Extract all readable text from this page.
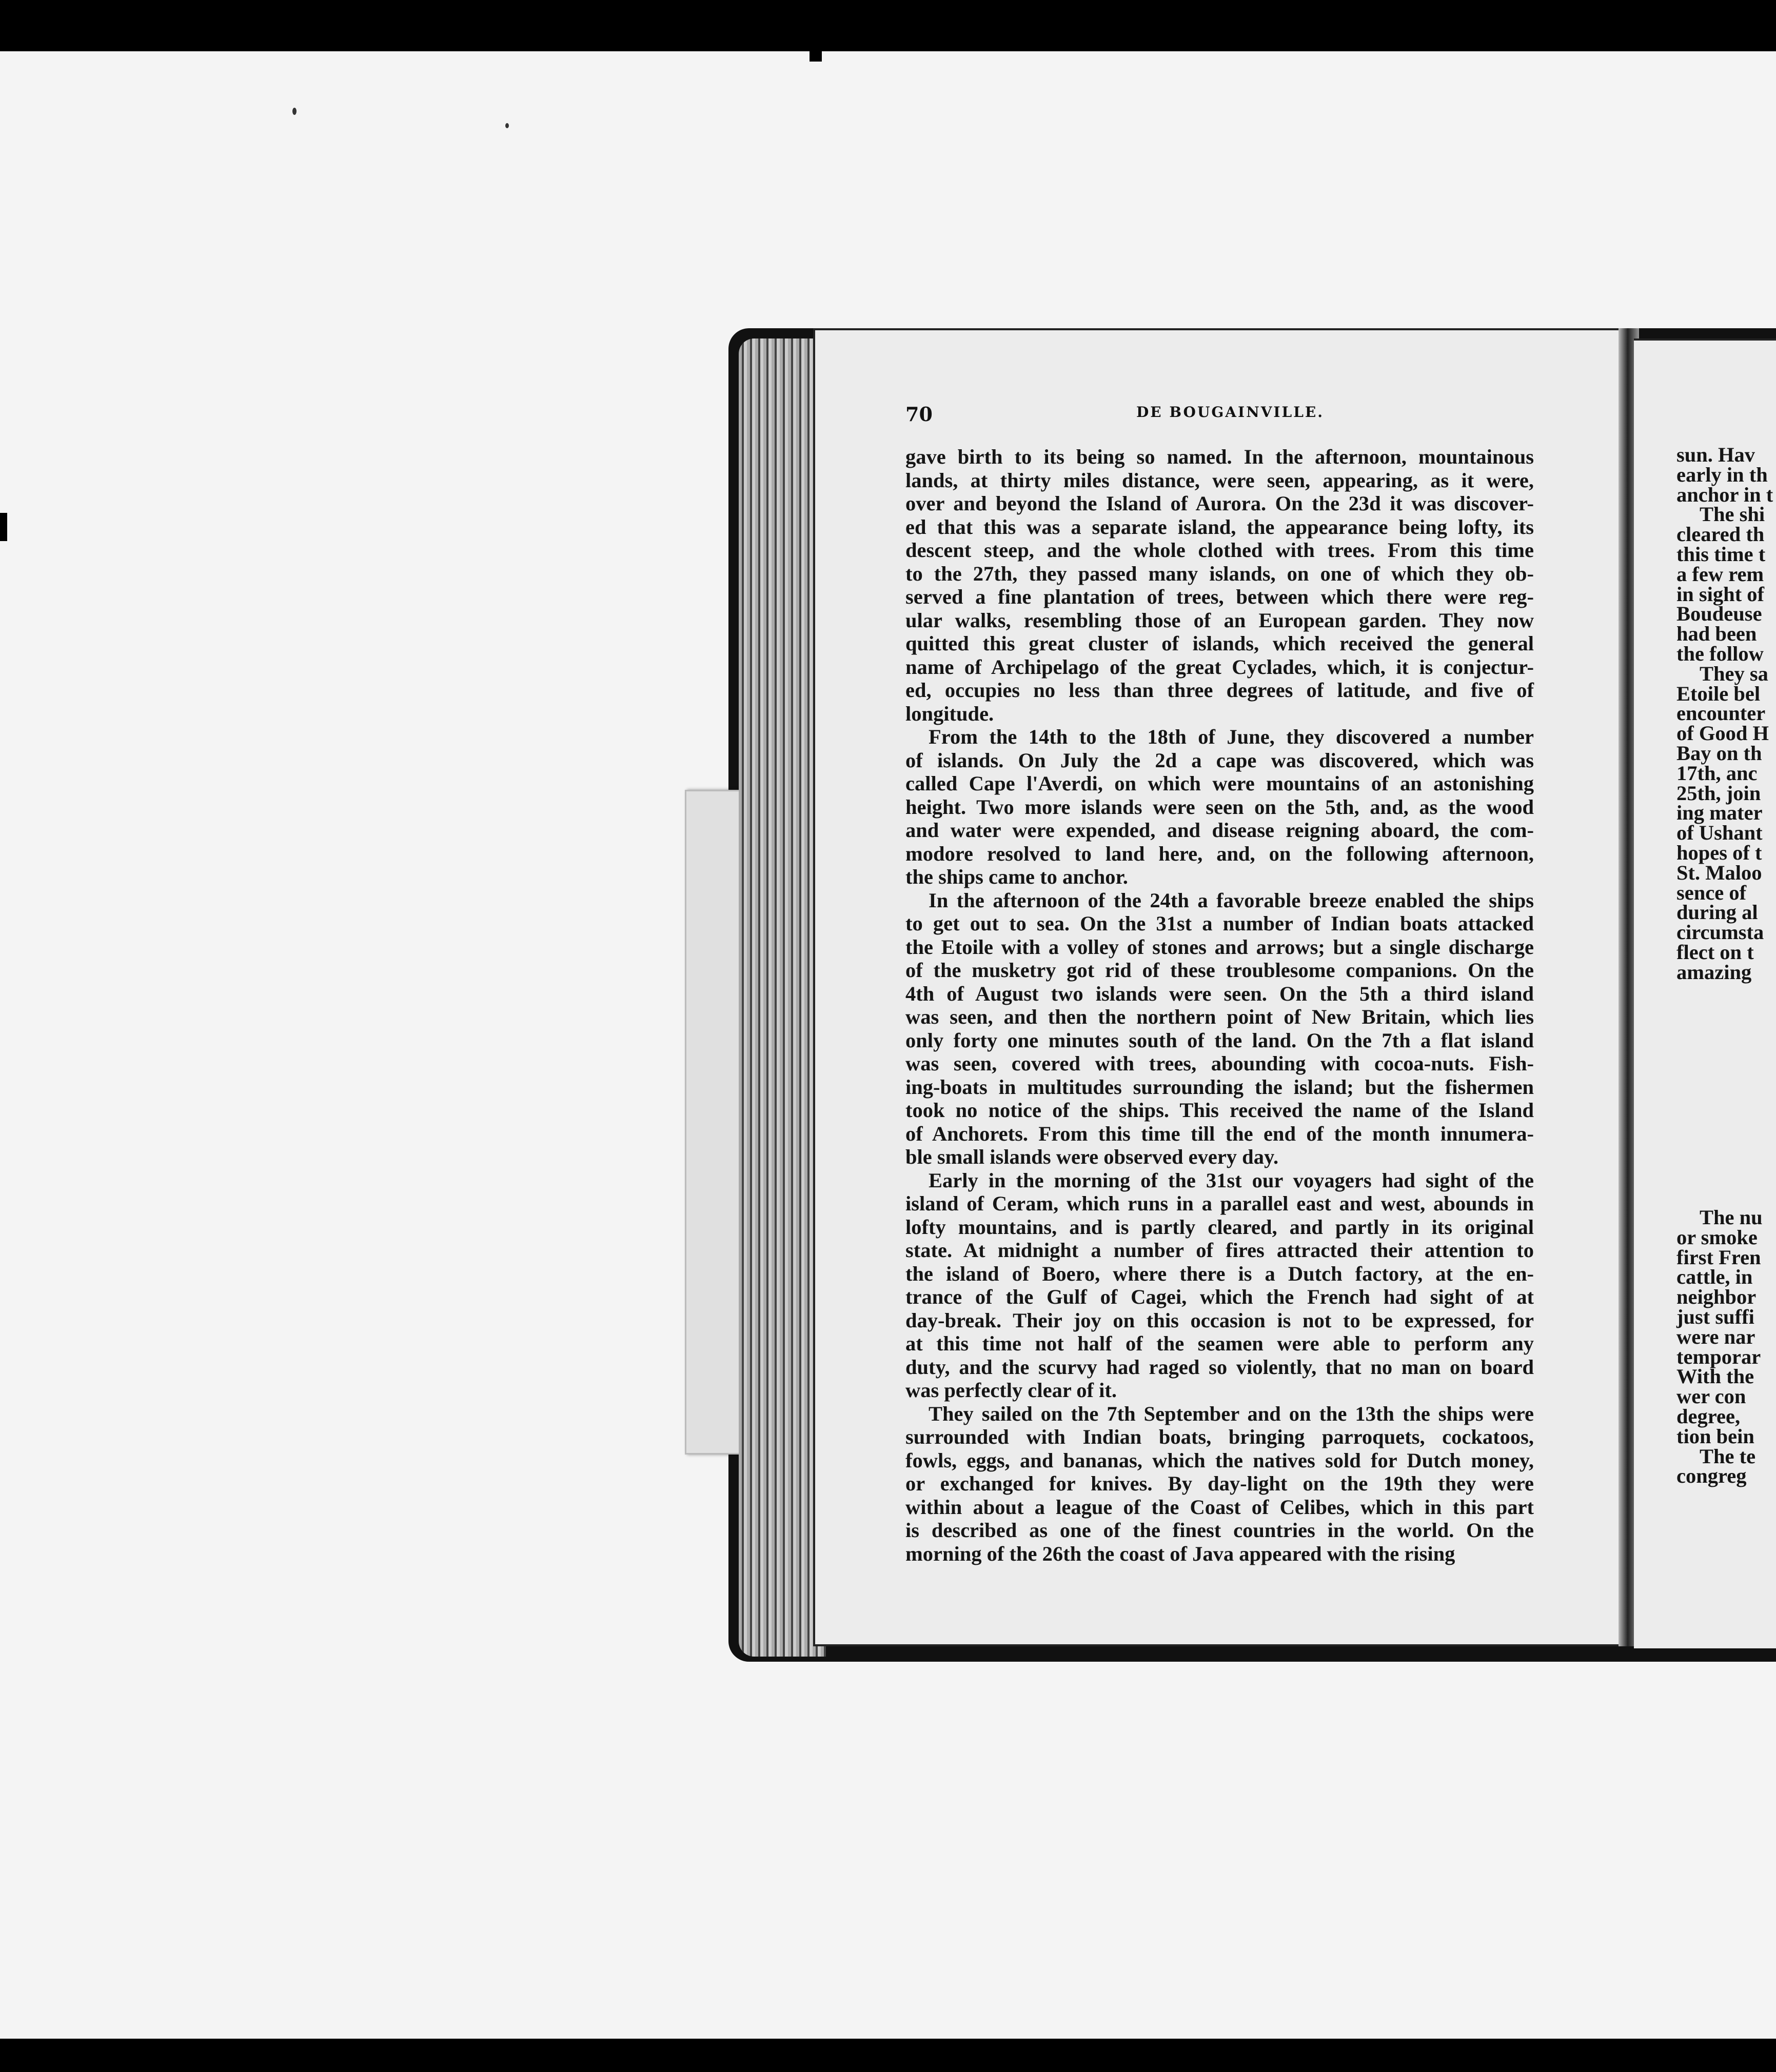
70	DE BOUGAINVILLE.
gave birth to its being so named. In the afternoon, mountainous
lands, at thirty miles distance, were seen, appearing, as it were,
over and beyond the Island of Aurora. On the 23d it was discover-
ed that this was a separate island, the appearance being lofty, its
descent steep, and the whole clothed with trees. From this time
to the 27th, they passed many islands, on one of which they ob-
served a fine plantation of trees, between which there were reg-
ular walks, resembling those of an European garden. They now
quitted this great cluster of islands, which received the general
name of Archipelago of the great Cyclades, which, it is conjectur-
ed, occupies no less than three degrees of latitude, and five of
longitude.
From the 14th to the 18th of June, they discovered a number
of islands. On July the 2d a cape was discovered, which was
called Cape l'Averdi, on which were mountains of an astonishing
height. Two more islands were seen on the 5th, and, as the wood
and water were expended, and disease reigning aboard, the com-
modore resolved to land here, and, on the following afternoon,
the ships came to anchor.
In the afternoon of the 24th a favorable breeze enabled the ships
to get out to sea. On the 31st a number of Indian boats attacked
the Etoile with a volley of stones and arrows; but a single discharge
of the musketry got rid of these troublesome companions. On the
4th of August two islands were seen. On the 5th a third island
was seen, and then the northern point of New Britain, which lies
only forty one minutes south of the land. On the 7th a flat island
was seen, covered with trees, abounding with cocoa-nuts. Fish-
ing-boats in multitudes surrounding the island; but the fishermen
took no notice of the ships. This received the name of the Island
of Anchorets. From this time till the end of the month innumera-
ble small islands were observed every day.
Early in the morning of the 31st our voyagers had sight of the
island of Ceram, which runs in a parallel east and west, abounds in
lofty mountains, and is partly cleared, and partly in its original
state. At midnight a number of fires attracted their attention to
the island of Boero, where there is a Dutch factory, at the en-
trance of the Gulf of Cagei, which the French had sight of at
day-break. Their joy on this occasion is not to be expressed, for
at this time not half of the seamen were able to perform any
duty, and the scurvy had raged so violently, that no man on board
was perfectly clear of it.
They sailed on the 7th September and on the 13th the ships were
surrounded with Indian boats, bringing parroquets, cockatoos,
fowls, eggs, and bananas, which the natives sold for Dutch money,
or exchanged for knives. By day-light on the 19th they were
within about a league of the Coast of Celibes, which in this part
is described as one of the finest countries in the world. On the
morning of the 26th the coast of Java appeared with the rising
sun. Hav
early in th
anchor in t
The shi
cleared th
this time t
a few rem
in sight of
Boudeuse
had been
the follow
They sa
Etoile bel
encounter
of Good H
Bay on th
17th, anc
25th, join
ing mater
of Ushant
hopes of t
St. Maloo
sence of
during al
circumsta
flect on t
amazing
The nu
or smoke
first Fren
cattle, in
neighbor
just suffi
were nar
temporar
With the
wer con
degree,
tion bein
The te
congreg
